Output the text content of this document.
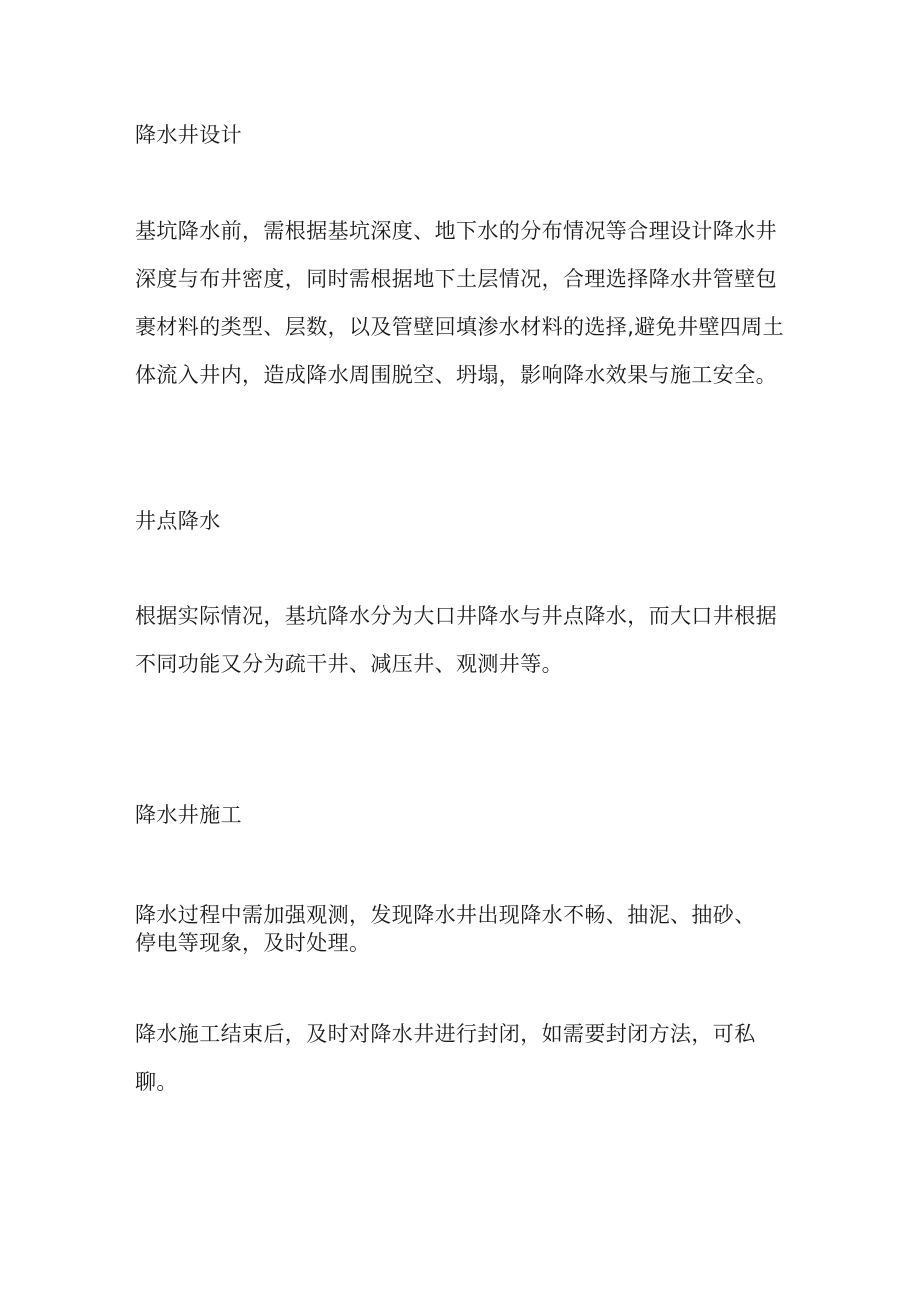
降水井设计
基坑降水前，需根据基坑深度、地下水的分布情况等合理设计降水井
深度与布井密度，同时需根据地下土层情况，合理选择降水井管壁包
裹材料的类型、层数，以及管壁回填渗水材料的选择,避免井壁四周土
体流入井内，造成降水周围脱空、坍塌，影响降水效果与施工安全。
井点降水
根据实际情况，基坑降水分为大口井降水与井点降水，而大口井根据
不同功能又分为疏干井、减压井、观测井等。
降水井施工
降水过程中需加强观测，发现降水井出现降水不畅、抽泥、抽砂、
停电等现象，及时处理。
降水施工结束后，及时对降水井进行封闭，如需要封闭方法，可私
聊。
